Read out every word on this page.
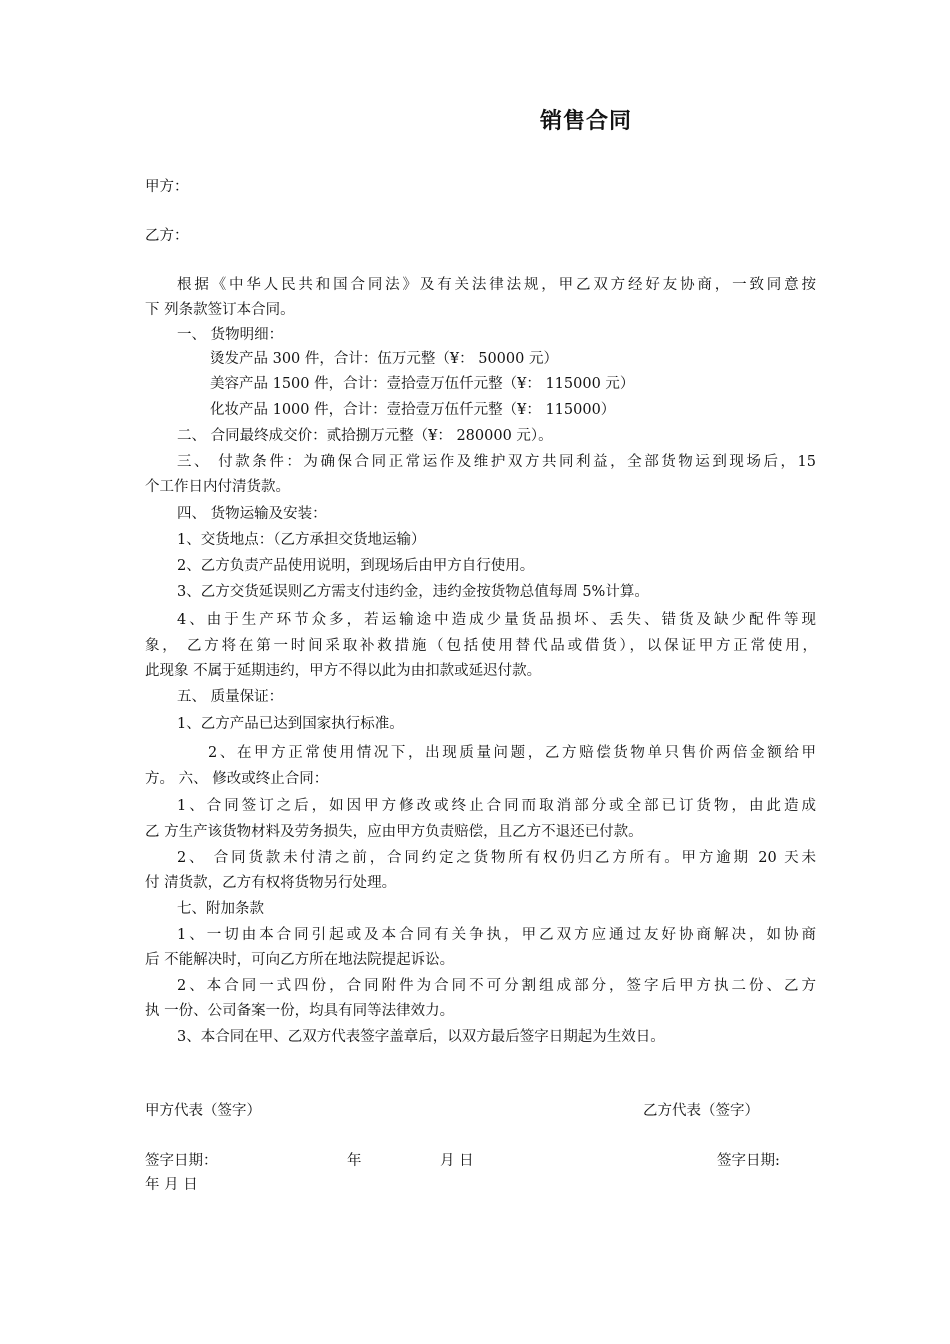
销售合同
甲方：
乙方：
根据《中华人民共和国合同法》及有关法律法规，甲乙双方经好友协商，一致同意按
下 列条款签订本合同。
一、 货物明细：
烫发产品 300 件，合计：伍万元整（¥： 50000 元）
美容产品 1500 件，合计：壹拾壹万伍仟元整（¥： 115000 元）
化妆产品 1000 件，合计：壹拾壹万伍仟元整（¥： 115000）
二、 合同最终成交价：贰拾捌万元整（¥： 280000 元）。
三、 付款条件：为确保合同正常运作及维护双方共同利益，全部货物运到现场后，15
个工作日内付清货款。
四、 货物运输及安装：
1、交货地点：（乙方承担交货地运输）
2、乙方负责产品使用说明，到现场后由甲方自行使用。
3、乙方交货延误则乙方需支付违约金，违约金按货物总值每周 5%计算。
4、由于生产环节众多，若运输途中造成少量货品损坏、丢失、错货及缺少配件等现
象， 乙方将在第一时间采取补救措施（包括使用替代品或借货），以保证甲方正常使用，
此现象 不属于延期违约，甲方不得以此为由扣款或延迟付款。
五、 质量保证：
1、乙方产品已达到国家执行标准。
2、在甲方正常使用情况下，出现质量问题，乙方赔偿货物单只售价两倍金额给甲
方。 六、 修改或终止合同：
1、合同签订之后，如因甲方修改或终止合同而取消部分或全部已订货物，由此造成
乙 方生产该货物材料及劳务损失，应由甲方负责赔偿，且乙方不退还已付款。
2、 合同货款未付清之前，合同约定之货物所有权仍归乙方所有。甲方逾期 20 天未
付 清货款，乙方有权将货物另行处理。
七、附加条款
1、一切由本合同引起或及本合同有关争执，甲乙双方应通过友好协商解决，如协商
后 不能解决时，可向乙方所在地法院提起诉讼。
2、本合同一式四份，合同附件为合同不可分割组成部分，签字后甲方执二份、乙方
执 一份、公司备案一份，均具有同等法律效力。
3、本合同在甲、乙双方代表签字盖章后，以双方最后签字日期起为生效日。
甲方代表（签字）	乙方代表（签字）
签字日期：	年	月 日	签字日期:
年 月 日
